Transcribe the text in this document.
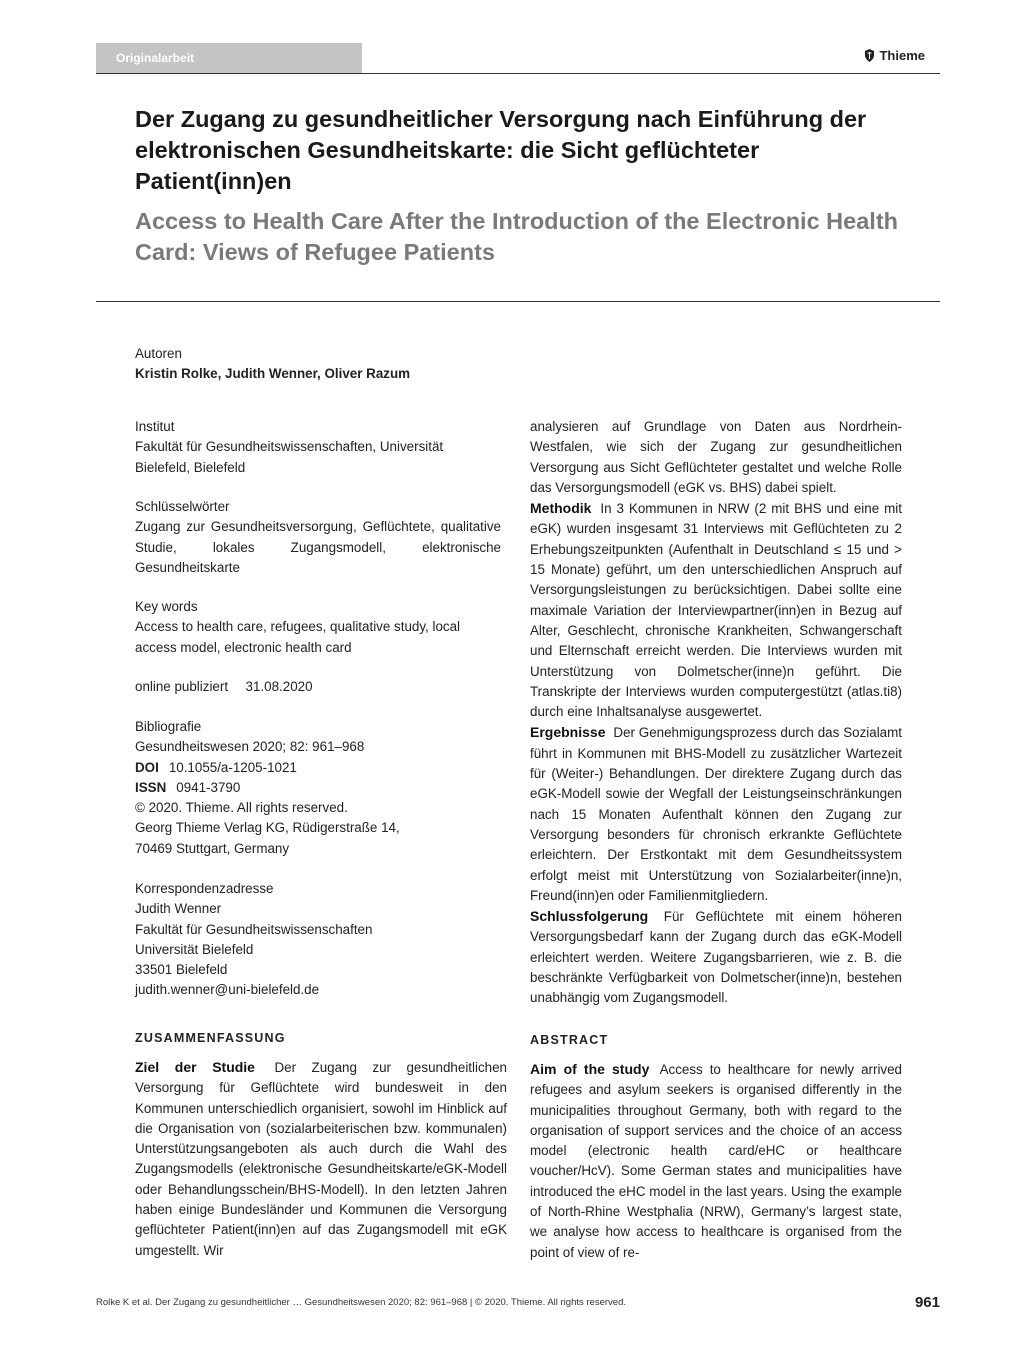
Originalarbeit	Thieme
Der Zugang zu gesundheitlicher Versorgung nach Einführung der elektronischen Gesundheitskarte: die Sicht geflüchteter Patient(inn)en
Access to Health Care After the Introduction of the Electronic Health Card: Views of Refugee Patients
Autoren
Kristin Rolke, Judith Wenner, Oliver Razum
Institut
Fakultät für Gesundheitswissenschaften, Universität Bielefeld, Bielefeld
Schlüsselwörter
Zugang zur Gesundheitsversorgung, Geflüchtete, qualitative Studie, lokales Zugangsmodell, elektronische Gesundheitskarte
Key words
Access to health care, refugees, qualitative study, local access model, electronic health card
online publiziert 31.08.2020
Bibliografie
Gesundheitswesen 2020; 82: 961–968
DOI 10.1055/a-1205-1021
ISSN 0941-3790
© 2020. Thieme. All rights reserved.
Georg Thieme Verlag KG, Rüdigerstraße 14,
70469 Stuttgart, Germany
Korrespondenzadresse
Judith Wenner
Fakultät für Gesundheitswissenschaften
Universität Bielefeld
33501 Bielefeld
judith.wenner@uni-bielefeld.de
ZUSAMMENFASSUNG
Ziel der Studie Der Zugang zur gesundheitlichen Versorgung für Geflüchtete wird bundesweit in den Kommunen unterschiedlich organisiert, sowohl im Hinblick auf die Organisation von (sozialarbeiterischen bzw. kommunalen) Unterstützungsangeboten als auch durch die Wahl des Zugangsmodells (elektronische Gesundheitskarte/eGK-Modell oder Behandlungsschein/BHS-Modell). In den letzten Jahren haben einige Bundesländer und Kommunen die Versorgung geflüchteter Patient(inn)en auf das Zugangsmodell mit eGK umgestellt. Wir
analysieren auf Grundlage von Daten aus Nordrhein-Westfalen, wie sich der Zugang zur gesundheitlichen Versorgung aus Sicht Geflüchteter gestaltet und welche Rolle das Versorgungsmodell (eGK vs. BHS) dabei spielt.
Methodik In 3 Kommunen in NRW (2 mit BHS und eine mit eGK) wurden insgesamt 31 Interviews mit Geflüchteten zu 2 Erhebungszeitpunkten (Aufenthalt in Deutschland ≤ 15 und > 15 Monate) geführt, um den unterschiedlichen Anspruch auf Versorgungsleistungen zu berücksichtigen. Dabei sollte eine maximale Variation der Interviewpartner(inn)en in Bezug auf Alter, Geschlecht, chronische Krankheiten, Schwangerschaft und Elternschaft erreicht werden. Die Interviews wurden mit Unterstützung von Dolmetscher(inne)n geführt. Die Transkripte der Interviews wurden computergestützt (atlas.ti8) durch eine Inhaltsanalyse ausgewertet.
Ergebnisse Der Genehmigungsprozess durch das Sozialamt führt in Kommunen mit BHS-Modell zu zusätzlicher Wartezeit für (Weiter-) Behandlungen. Der direktere Zugang durch das eGK-Modell sowie der Wegfall der Leistungseinschränkungen nach 15 Monaten Aufenthalt können den Zugang zur Versorgung besonders für chronisch erkrankte Geflüchtete erleichtern. Der Erstkontakt mit dem Gesundheitssystem erfolgt meist mit Unterstützung von Sozialarbeiter(inne)n, Freund(inn)en oder Familienmitgliedern.
Schlussfolgerung Für Geflüchtete mit einem höheren Versorgungsbedarf kann der Zugang durch das eGK-Modell erleichtert werden. Weitere Zugangsbarrieren, wie z. B. die beschränkte Verfügbarkeit von Dolmetscher(inne)n, bestehen unabhängig vom Zugangsmodell.
ABSTRACT
Aim of the study Access to healthcare for newly arrived refugees and asylum seekers is organised differently in the municipalities throughout Germany, both with regard to the organisation of support services and the choice of an access model (electronic health card/eHC or healthcare voucher/HcV). Some German states and municipalities have introduced the eHC model in the last years. Using the example of North-Rhine Westphalia (NRW), Germany’s largest state, we analyse how access to healthcare is organised from the point of view of re-
Rolke K et al. Der Zugang zu gesundheitlicher … Gesundheitswesen 2020; 82: 961–968 | © 2020. Thieme. All rights reserved.	961
